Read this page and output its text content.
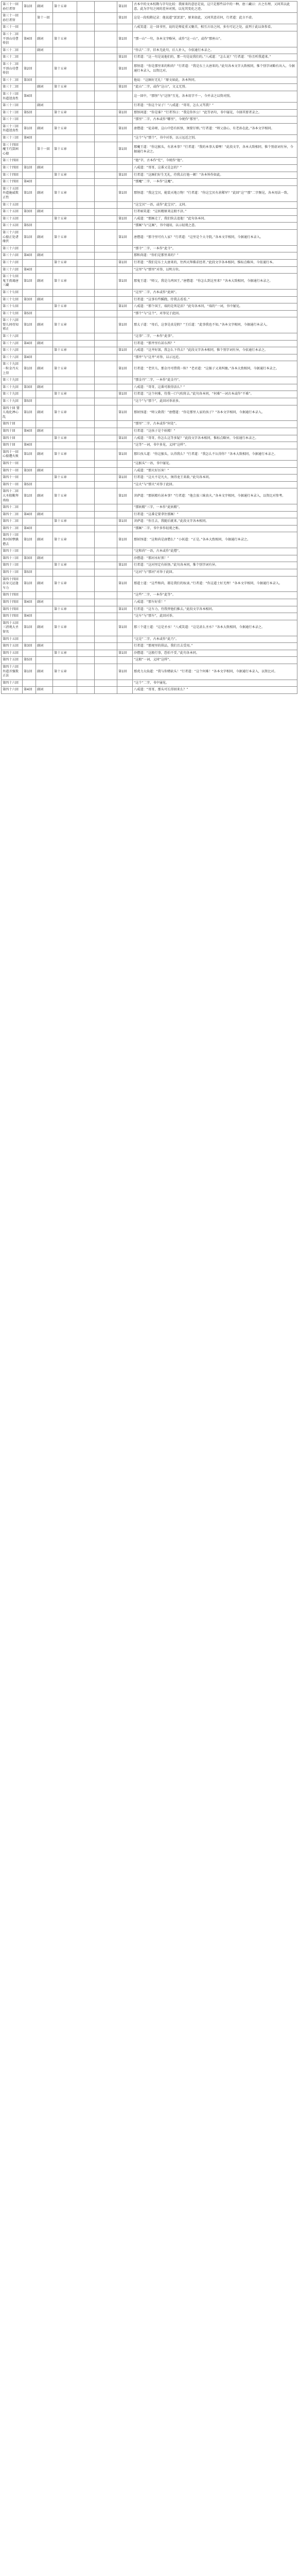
第三十一回 孙行者智	第1回	副词	第十五章			第1回	古本中的文本校勘与字句比较：我原来的意思是说，这只是那些话中的一种。唐三藏曰：言之有理，又问其以此意。此为字句之间的差异对照，以见其变化之迹。
第三十一回 孙行者智		第十一回				第1回	这是一段校勘记录：他说道“罢罢罢”，原来如此，又问其意若何，行者道：此言不虚。
第三十一回							八戒笑道：这一回书里，说的是师徒重又聚首，相互言语之间，多有可记之处，兹列于此以备参看。
第三十二回 平顶山功曹传信	第4回	副词	第十五章			第1回	“那一山”一句，各本文字略异，或作“这一山”，或作“那座山”。
第三十二回		副词					“你去”二字，旧本无此句，后人补入，今依通行本录之。
第三十二回						第1回	行者道：“这一句是说他们的，那一句是说我们的。”八戒道：“怎么说？”行者道：“你且听我道来。”
第三十二回 平顶山功曹传信	第2回		第十五章			第1回	那怪道：“你是那里来的和尚？”行者道：“我是东土大唐来的。”此句各本文字大致相同，惟个别字词略有出入，今据通行本录入，以资比对。
第三十二回	第3回						他说：“这厮好无礼！”原文如此，各本皆同。
第三十二回		副词	第十五章			第1回	“此山”二字，或作“这山”，文义无别。
第三十三回 外道迷真性	第4回						这一回中，“那怪”与“这怪”互见，各本用字不一，今并录之以资对照。
第三十三回		副词					行者道：“你这个呆子！”八戒道：“哥哥，怎么又骂我？”
第三十三回	第5回		第十五章			第1回	那怪问道：“你是谁？”行者答曰：“我是你外公！”此等语句，书中屡见，今择其要者录之。
第三十三回							“那里”二字，古本或作“哪里”，今统作“那里”。
第三十三回 外道迷真性	第1回	副词	第十五章			第1回	唐僧道：“徒弟呀，这山中恐有妖怪，须要仔细。”行者道：“师父放心，有老孙在此。”各本文字相同。
第三十三回	第4回						“这个”与“那个”，书中对举，以示远近之别。
第三十四回 魔王巧算困心猿		第十一回	第十五章			第1回	那魔王道：“你这猴头，有甚本事？”行者道：“我的本事大着哩！”此段文字，各本大致相同，惟个别虚词有异，今据通行本录之。
第三十四回							“他”字，古本作“佗”，今统作“他”。
第三十四回	第1回	副词					八戒道：“哥哥，这番又是怎的？”
第三十四回			第十五章			第1回	行者道：“这厮们好生无礼，待我去打他一顿！”各本皆作如此。
第三十四回	第4回						“那魔”二字，一本作“这魔”。
第三十五回 外道施威欺正性	第1回	副词	第十五章			第1回	那怪道：“我这宝贝，能装天地万物！”行者道：“你这宝贝有甚稀罕？”此回“这”“那”二字频见，各本用法一致。
第三十五回							“这宝贝”一语，或作“此宝贝”，义同。
第三十五回	第3回	副词					行者暗笑道：“这妖精原来这般不济。”
第三十五回			第十五章			第1回	八戒道：“那厮走了，我们快去追他！”此句各本同。
第三十五回	第5回						“那厮”与“这厮”，书中通用，以示轻蔑之意。
第三十六回 心猿正处诸缘伏	第1回	副词	第十五章			第1回	唐僧道：“那寺里可有人家？”行者道：“这里是个大寺院。”各本文字相同，今据通行本录入。
第三十六回							“那寺”二字，一本作“此寺”。
第三十六回	第4回	副词					那和尚道：“你们是那里来的？”
第三十六回			第十五章			第1回	行者道：“我们是东土大唐来的，往西天拜佛求经者。”此段文字各本相同，惟标点略异，今依通行本。
第三十六回	第4回						“这里”与“那里”对举，以明方位。
第三十七回 鬼王夜谒唐三藏	第1回	副词	第十五章			第1回	那鬼王道：“师父，我是乌鸡国王。”唐僧道：“你怎么到这里来？”各本大致相同，今据通行本录之。
第三十七回							“这里”二字，古本或作“此间”。
第三十七回	第3回	副词					行者道：“这事有些蹊跷，待我去看看。”
第三十七回			第十五章			第1回	八戒道：“那个国王，端的是死是活？”此句各本同，“端的”一词，书中屡见。
第三十七回	第5回						“那个”与“这个”，对举见于此回。
第三十八回 婴儿问母知邪正	第1回	副词	第十五章			第1回	那太子道：“母后，这事是真是假？”王后道：“此事我也不知。”各本文字相同，今据通行本录入。
第三十八回							“这事”二字，一本作“此事”。
第三十八回	第4回	副词					行者道：“那井里有甚东西？”
第三十八回			第十五章			第1回	八戒道：“这井好深，我怎么下得去？”此段文字各本相同，惟个别字词有异，今依通行本录之。
第三十八回	第4回						“那井”与“这井”对举，以示远近。
第三十九回 一粒金丹天上得	第1回	副词	第十五章			第1回	行者道：“老官儿，那金丹可借我一粒？”老君道：“这猴子又来纠缠。”各本大致相同，今据通行本录之。
第三十九回							“那金丹”二字，一本作“此金丹”。
第三十九回	第3回	副词					八戒道：“哥哥，这番可救得活么？”
第三十九回			第十五章			第1回	行者道：“这个何难，待我一口气吹将去。”此句各本同，“何难”一词古本或作“不难”。
第三十九回	第5回						“这个”与“那个”，此回对举甚多。
第四十回 婴儿戏化禅心乱	第1回	副词	第十五章			第1回	那妖怪道：“师父救我！”唐僧道：“你是那里人家的孩子？”各本文字相同，今据通行本录入。
第四十回							“那里”二字，古本或作“何处”。
第四十回	第4回	副词					行者道：“这孩子是个妖精！”
第四十回			第十五章			第1回	八戒道：“哥哥，你怎么这等多疑？”此段文字各本相同，惟标点略异，今依通行本录之。
第四十回	第4回						“这等”一词，书中多见，义同“这样”。
第四十一回 心猿遭火败	第1回	副词	第十五章			第1回	那红孩儿道：“你这猴头，认得我么？”行者道：“我怎么不认得你？”各本大致相同，今据通行本录之。
第四十一回							“这猴头”一语，书中屡见。
第四十一回	第3回	副词					八戒道：“那火好厉害！”
第四十一回			第十五章			第1回	行者道：“这火不是凡火，须得龙王来救。”此句各本同。
第四十一回	第5回						“这火”与“那火”对举于此回。
第四十二回 大圣殷勤拜南海	第1回	副词	第十五章			第1回	菩萨道：“那妖精有甚本事？”行者道：“他会放三昧真火。”各本文字相同，今据通行本录入，以资比对参考。
第四十二回							“那妖精”三字，一本作“此妖精”。
第四十二回	第4回	副词					行者道：“这番定要拿住那厮！”
第四十二回			第十五章			第1回	菩萨道：“你且去，我随后就来。”此段文字各本相同。
第四十二回	第4回						“那厮”二字，书中多作轻蔑之称。
第四十三回 黑河妖孽擒僧去	第1回	副词	第十五章			第1回	那妖怪道：“这和尚是唐僧么？”小妖道：“正是。”各本大致相同，今据通行本录之。
第四十三回							“这和尚”一语，古本或作“此僧”。
第四十三回	第3回	副词					沙僧道：“那河水好黑！”
第四十三回			第十五章			第1回	行者道：“这河里定有妖怪。”此句各本同，惟个别字词有异。
第四十三回	第5回						“这河”与“那河”对举于此回。
第四十四回 法身元运逢车力	第1回	副词	第十五章			第1回	那道士道：“这些和尚，都是我们的奴隶。”行者道：“你这道士好无理！”各本文字相同，今据通行本录入。
第四十四回							“这些”二字，一本作“此等”。
第四十四回	第4回	副词					八戒道：“那车好重！”
第四十四回			第十五章			第1回	行者道：“这车力，待我替他们推去。”此段文字各本相同。
第四十四回	第4回						“这车”与“那车”，此回对举。
第四十五回 三清观大圣留名	第1回	副词	第十五章			第1回	那三个道士道：“这是圣水！”八戒笑道：“这是甚么圣水？”各本大致相同，今据通行本录之。
第四十五回							“这是”二字，古本或作“此乃”。
第四十五回	第3回	副词					行者道：“那观里的供品，我们且去受用。”
第四十五回			第十五章			第1回	沙僧道：“这般行事，恐怕不妥。”此句各本同。
第四十五回	第5回						“这般”一词，义同“这样”。
第四十六回 外道弄强欺正法	第1回	副词	第十五章			第1回	那虎力大仙道：“我与你赌砍头！”行者道：“这个何难！”各本文字相同，今据通行本录入，以资比对。
第四十六回							“这个”二字，书中屡见。
第四十六回	第4回	副词					八戒道：“哥哥，那头可长得回来么？”
